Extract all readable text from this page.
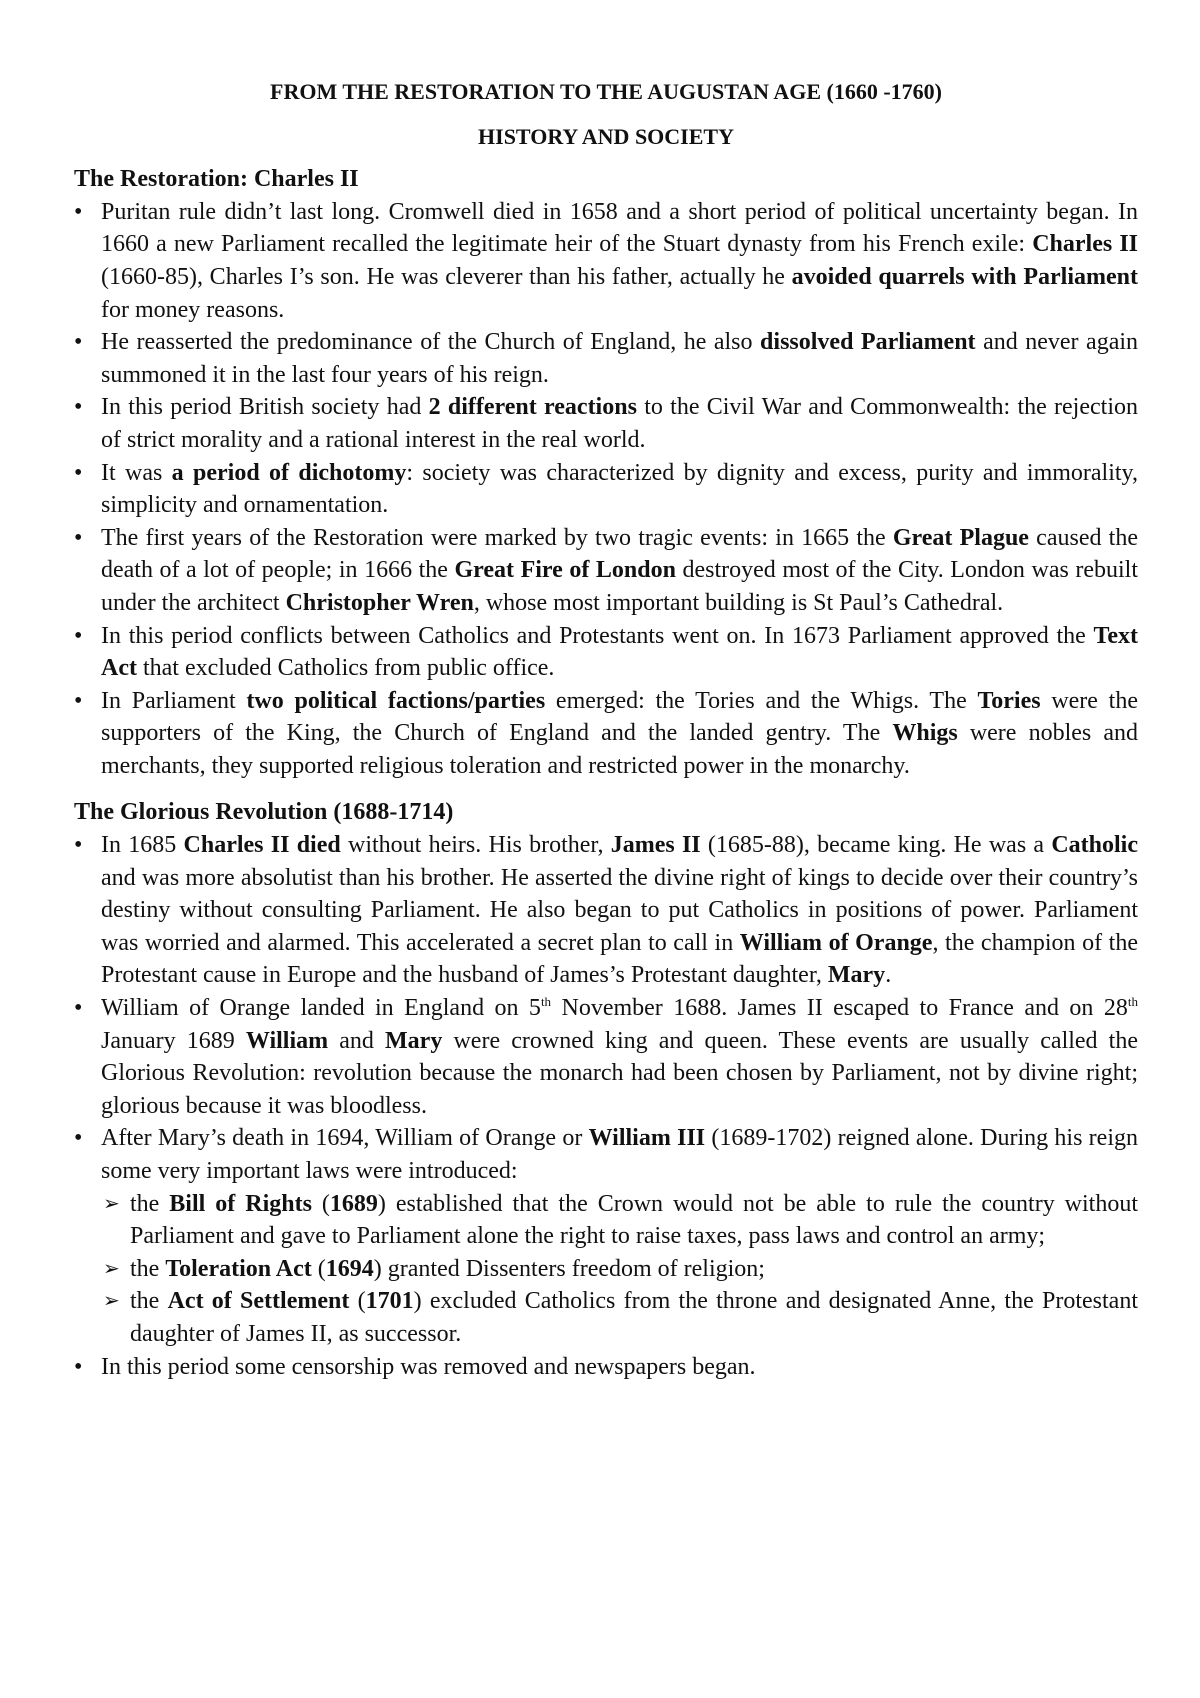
FROM THE RESTORATION TO THE AUGUSTAN AGE (1660 -1760)

HISTORY AND SOCIETY

The Restoration: Charles II

• Puritan rule didn’t last long. Cromwell died in 1658 and a short period of political uncertainty began. In 1660 a new Parliament recalled the legitimate heir of the Stuart dynasty from his French exile: Charles II (1660-85), Charles I’s son. He was cleverer than his father, actually he avoided quarrels with Parliament for money reasons.
• He reasserted the predominance of the Church of England, he also dissolved Parliament and never again summoned it in the last four years of his reign.
• In this period British society had 2 different reactions to the Civil War and Commonwealth: the rejection of strict morality and a rational interest in the real world.
• It was a period of dichotomy: society was characterized by dignity and excess, purity and immorality, simplicity and ornamentation.
• The first years of the Restoration were marked by two tragic events: in 1665 the Great Plague caused the death of a lot of people; in 1666 the Great Fire of London destroyed most of the City. London was rebuilt under the architect Christopher Wren, whose most important building is St Paul’s Cathedral.
• In this period conflicts between Catholics and Protestants went on. In 1673 Parliament approved the Text Act that excluded Catholics from public office.
• In Parliament two political factions/parties emerged: the Tories and the Whigs. The Tories were the supporters of the King, the Church of England and the landed gentry. The Whigs were nobles and merchants, they supported religious toleration and restricted power in the monarchy.

The Glorious Revolution (1688-1714)

• In 1685 Charles II died without heirs. His brother, James II (1685-88), became king. He was a Catholic and was more absolutist than his brother. He asserted the divine right of kings to decide over their country’s destiny without consulting Parliament. He also began to put Catholics in positions of power. Parliament was worried and alarmed. This accelerated a secret plan to call in William of Orange, the champion of the Protestant cause in Europe and the husband of James’s Protestant daughter, Mary.
• William of Orange landed in England on 5th November 1688. James II escaped to France and on 28th January 1689 William and Mary were crowned king and queen. These events are usually called the Glorious Revolution: revolution because the monarch had been chosen by Parliament, not by divine right; glorious because it was bloodless.
• After Mary’s death in 1694, William of Orange or William III (1689-1702) reigned alone. During his reign some very important laws were introduced:
➢ the Bill of Rights (1689) established that the Crown would not be able to rule the country without Parliament and gave to Parliament alone the right to raise taxes, pass laws and control an army;
➢ the Toleration Act (1694) granted Dissenters freedom of religion;
➢ the Act of Settlement (1701) excluded Catholics from the throne and designated Anne, the Protestant daughter of James II, as successor.
• In this period some censorship was removed and newspapers began.
